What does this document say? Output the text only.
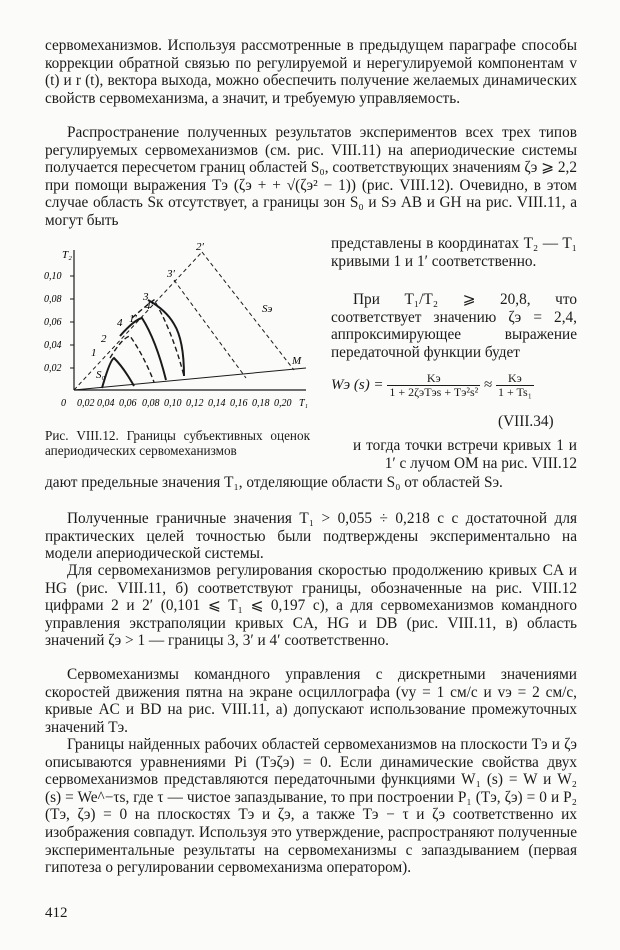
сервомеханизмов. Используя рассмотренные в предыдущем параграфе способы коррекции обратной связью по регулируемой и нерегулируемой компонентам v (t) и r (t), вектора выхода, можно обеспечить получение желаемых динамических свойств сервомеханизма, а значит, и требуемую управляемость.

Распространение полученных результатов экспериментов всех трех типов регулируемых сервомеханизмов (см. рис. VIII.11) на апериодические системы получается пересчетом границ областей S₀, соответствующих значениям ζэ ⩾ 2,2 при помощи выражения Tэ (ζэ + + √(ζэ² − 1)) (рис. VIII.12). Очевидно, в этом случае область Sк отсутствует, а границы зон S₀ и Sэ AB и GH на рис. VIII.11, а могут быть

T₂
0,10
0,08
0,06
0,04
0,02
0 0,02 0,04 0,06 0,08 0,10 0,12 0,14 0,16 0,18 0,20 T₁
M
1
1′
2
2′
3
3′
4
4′
S₀
Sэ

Рис. VIII.12. Границы субъективных оценок апериодических сервомеханизмов

представлены в координатах T₂ — T₁ кривыми 1 и 1′ соответственно.

При T₁/T₂ ⩾ 20,8, что соответствует значению ζэ = 2,4, аппроксимирующее выражение передаточной функции будет

Wэ $(s) = \frac{Kэ}{\text{1 + 2ζэTэs + Tэ²s²}} \approx \frac{Kэ}{\text{1 + Ts₁}}$
(VIII.34)

и тогда точки встречи кривых 1 и 1′ с лучом OM на рис. VIII.12

дают предельные значения T₁, отделяющие области S₀ от областей Sэ.

Полученные граничные значения T₁ > 0,055 ÷ 0,218 с с достаточной для практических целей точностью были подтверждены экспериментально на модели апериодической системы.

Для сервомеханизмов регулирования скоростью продолжению кривых CA и HG (рис. VIII.11, б) соответствуют границы, обозначенные на рис. VIII.12 цифрами 2 и 2′ (0,101 ⩽ T₁ ⩽ 0,197 с), а для сервомеханизмов командного управления экстраполяции кривых CA, HG и DB (рис. VIII.11, в) область значений ζэ > 1 — границы 3, 3′ и 4′ соответственно.

Сервомеханизмы командного управления с дискретными значениями скоростей движения пятна на экране осциллографа (vy = 1 см/с и vэ = 2 см/с, кривые AC и BD на рис. VIII.11, а) допускают использование промежуточных значений Tэ.

Границы найденных рабочих областей сервомеханизмов на плоскости Tэ и ζэ описываются уравнениями Pi (Tэζэ) = 0. Если динамические свойства двух сервомеханизмов представляются передаточными функциями W₁ (s) = W и W₂ (s) = We^−τs, где τ — чистое запаздывание, то при построении P₁ (Tэ, ζэ) = 0 и P₂ (Tэ, ζэ) = 0 на плоскостях Tэ и ζэ, а также Tэ − τ и ζэ соответственно их изображения совпадут. Используя это утверждение, распространяют полученные экспериментальные результаты на сервомеханизмы с запаздыванием (первая гипотеза о регулировании сервомеханизма оператором).

412
